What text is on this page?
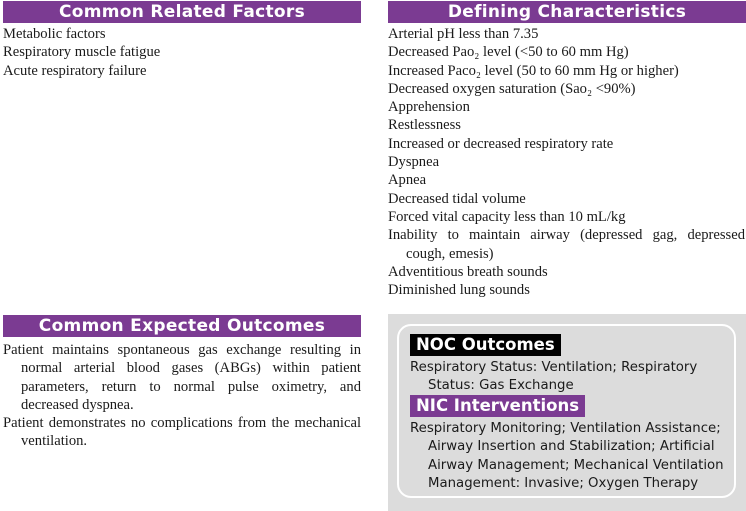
Common Related Factors

Metabolic factors

Respiratory muscle fatigue

Acute respiratory failure

Defining Characteristics

Arterial pH less than 7.35

Decreased Pao₂ level (<50 to 60 mm Hg)

Increased Paco₂ level (50 to 60 mm Hg or higher)

Decreased oxygen saturation (Sao₂ <90%)

Apprehension

Restlessness

Increased or decreased respiratory rate

Dyspnea

Apnea

Decreased tidal volume

Forced vital capacity less than 10 mL/kg

Inability to maintain airway (depressed gag, depressed cough, emesis)

Adventitious breath sounds

Diminished lung sounds

Common Expected Outcomes

Patient maintains spontaneous gas exchange resulting in normal arterial blood gases (ABGs) within patient parameters, return to normal pulse oximetry, and decreased dyspnea.

Patient demonstrates no complications from the mechanical ventilation.

NOC Outcomes

Respiratory Status: Ventilation; Respiratory Status: Gas Exchange

NIC Interventions

Respiratory Monitoring; Ventilation Assistance; Airway Insertion and Stabilization; Artificial Airway Management; Mechanical Ventilation Management: Invasive; Oxygen Therapy
